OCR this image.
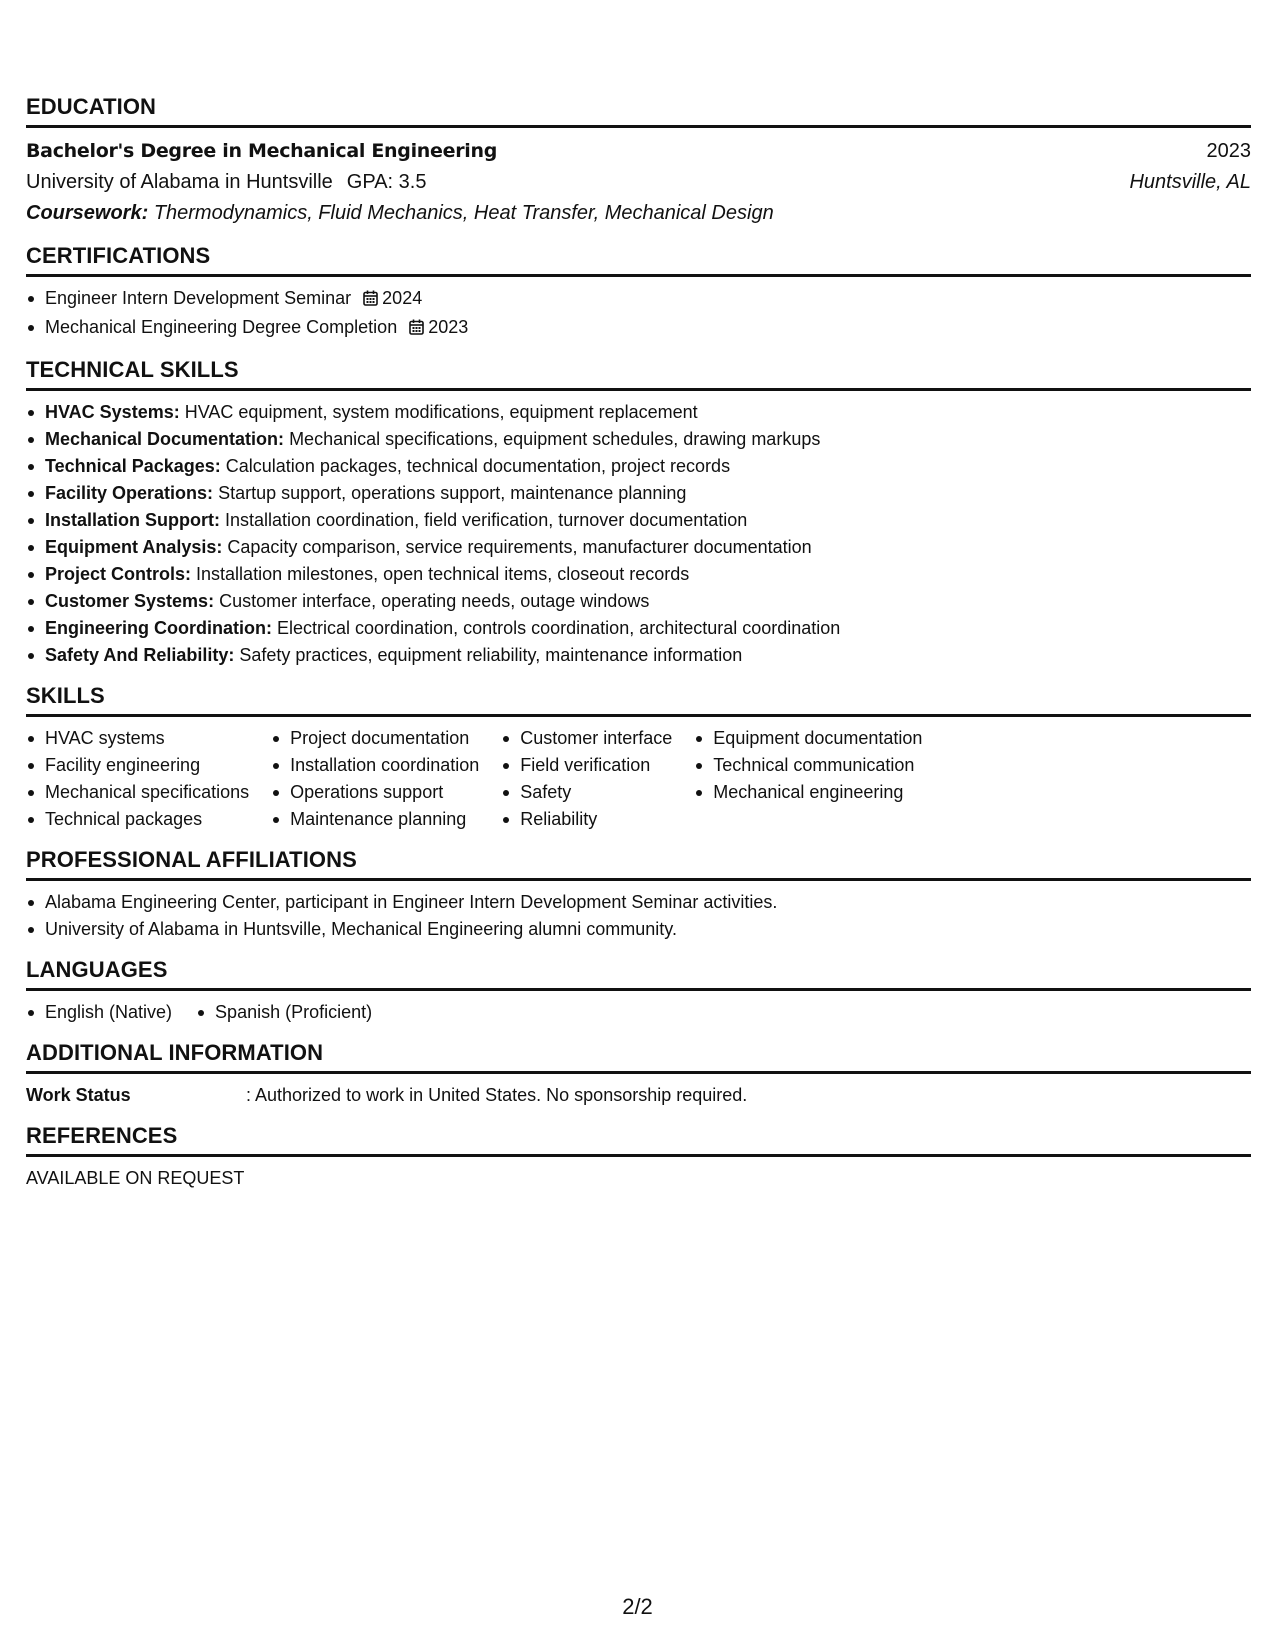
EDUCATION
Bachelor's Degree in Mechanical Engineering	2023
University of Alabama in Huntsville GPA: 3.5	Huntsville, AL
Coursework: Thermodynamics, Fluid Mechanics, Heat Transfer, Mechanical Design
CERTIFICATIONS
Engineer Intern Development Seminar 2024
Mechanical Engineering Degree Completion 2023
TECHNICAL SKILLS
HVAC Systems: HVAC equipment, system modifications, equipment replacement
Mechanical Documentation: Mechanical specifications, equipment schedules, drawing markups
Technical Packages: Calculation packages, technical documentation, project records
Facility Operations: Startup support, operations support, maintenance planning
Installation Support: Installation coordination, field verification, turnover documentation
Equipment Analysis: Capacity comparison, service requirements, manufacturer documentation
Project Controls: Installation milestones, open technical items, closeout records
Customer Systems: Customer interface, operating needs, outage windows
Engineering Coordination: Electrical coordination, controls coordination, architectural coordination
Safety And Reliability: Safety practices, equipment reliability, maintenance information
SKILLS
HVAC systems
Facility engineering
Mechanical specifications
Technical packages
Project documentation
Installation coordination
Operations support
Maintenance planning
Customer interface
Field verification
Safety
Reliability
Equipment documentation
Technical communication
Mechanical engineering
PROFESSIONAL AFFILIATIONS
Alabama Engineering Center, participant in Engineer Intern Development Seminar activities.
University of Alabama in Huntsville, Mechanical Engineering alumni community.
LANGUAGES
English (Native)	Spanish (Proficient)
ADDITIONAL INFORMATION
Work Status	: Authorized to work in United States. No sponsorship required.
REFERENCES
AVAILABLE ON REQUEST
2/2
